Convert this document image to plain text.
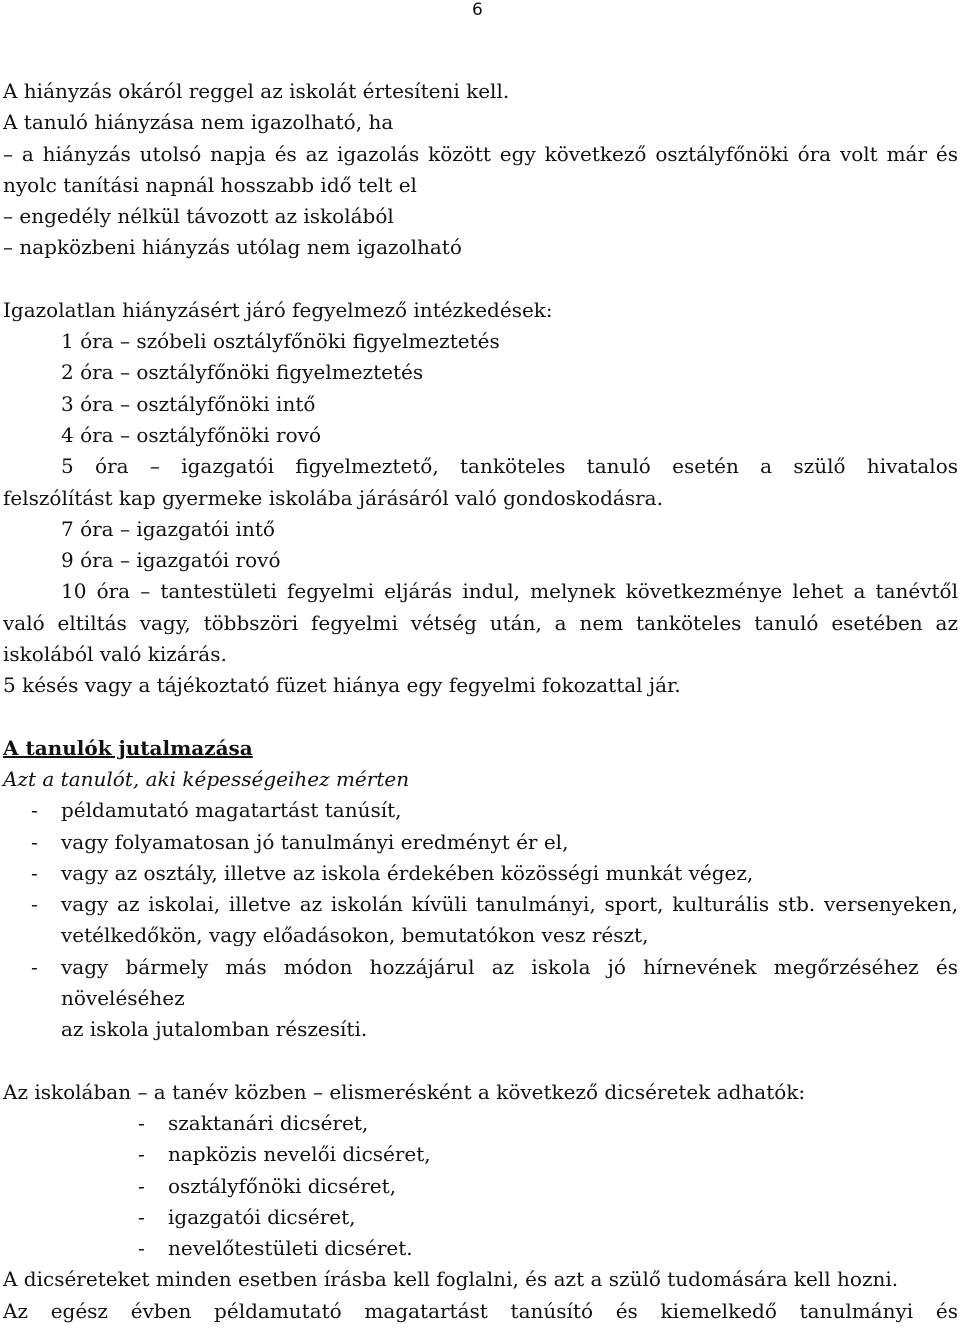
6
A hiányzás okáról reggel az iskolát értesíteni kell.
A tanuló hiányzása nem igazolható, ha
– a hiányzás utolsó napja és az igazolás között egy következő osztályfőnöki óra volt már és nyolc tanítási napnál hosszabb idő telt el
– engedély nélkül távozott az iskolából
– napközbeni hiányzás utólag nem igazolható
Igazolatlan hiányzásért járó fegyelmező intézkedések:
1 óra – szóbeli osztályfőnöki figyelmeztetés
2 óra – osztályfőnöki figyelmeztetés
3 óra – osztályfőnöki intő
4 óra – osztályfőnöki rovó
5 óra – igazgatói figyelmeztető, tanköteles tanuló esetén a szülő hivatalos
felszólítást kap gyermeke iskolába járásáról való gondoskodásra.
7 óra – igazgatói intő
9 óra – igazgatói rovó
10 óra – tantestületi fegyelmi eljárás indul, melynek következménye lehet a tanévtől való eltiltás vagy, többszöri fegyelmi vétség után, a nem tanköteles tanuló esetében az iskolából való kizárás.
5 késés vagy a tájékoztató füzet hiánya egy fegyelmi fokozattal jár.
A tanulók jutalmazása
Azt a tanulót, aki képességeihez mérten
- példamutató magatartást tanúsít,
- vagy folyamatosan jó tanulmányi eredményt ér el,
- vagy az osztály, illetve az iskola érdekében közösségi munkát végez,
- vagy az iskolai, illetve az iskolán kívüli tanulmányi, sport, kulturális stb. versenyeken, vetélkedőkön, vagy előadásokon, bemutatókon vesz részt,
- vagy bármely más módon hozzájárul az iskola jó hírnevének megőrzéséhez és növeléséhez
az iskola jutalomban részesíti.
Az iskolában – a tanév közben – elismerésként a következő dicséretek adhatók:
- szaktanári dicséret,
- napközis nevelői dicséret,
- osztályfőnöki dicséret,
- igazgatói dicséret,
- nevelőtestületi dicséret.
A dicséreteket minden esetben írásba kell foglalni, és azt a szülő tudomására kell hozni.
Az egész évben példamutató magatartást tanúsító és kiemelkedő tanulmányi és
